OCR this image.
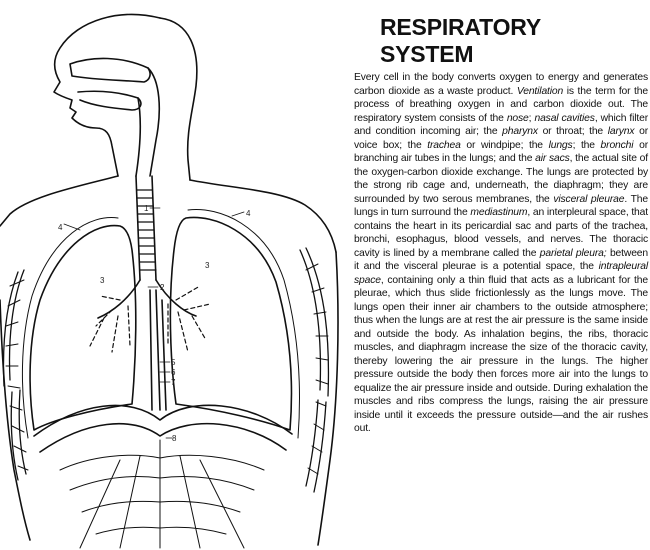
1
2
3
3
4
4
5
6
7
8
RESPIRATORY SYSTEM

Every cell in the body converts oxygen to energy and generates carbon dioxide as a waste product. Ventilation is the term for the process of breathing oxygen in and carbon dioxide out. The respiratory system consists of the nose; nasal cavities, which filter and condition incoming air; the pharynx or throat; the larynx or voice box; the trachea or windpipe; the lungs; the bronchi or branching air tubes in the lungs; and the air sacs, the actual site of the oxygen-carbon dioxide exchange. The lungs are protected by the strong rib cage and, underneath, the diaphragm; they are surrounded by two serous membranes, the visceral pleurae. The lungs in turn surround the mediastinum, an interpleural space, that contains the heart in its pericardial sac and parts of the trachea, bronchi, esophagus, blood vessels, and nerves. The thoracic cavity is lined by a membrane called the parietal pleura; between it and the visceral pleurae is a potential space, the intrapleural space, containing only a thin fluid that acts as a lubricant for the pleurae, which thus slide frictionlessly as the lungs move. The lungs open their inner air chambers to the outside atmosphere; thus when the lungs are at rest the air pressure is the same inside and outside the body. As inhalation begins, the ribs, thoracic muscles, and diaphragm increase the size of the thoracic cavity, thereby lowering the air pressure in the lungs. The higher pressure outside the body then forces more air into the lungs to equalize the air pressure inside and outside. During exhalation the muscles and ribs compress the lungs, raising the air pressure inside until it exceeds the pressure outside—and the air rushes out.
